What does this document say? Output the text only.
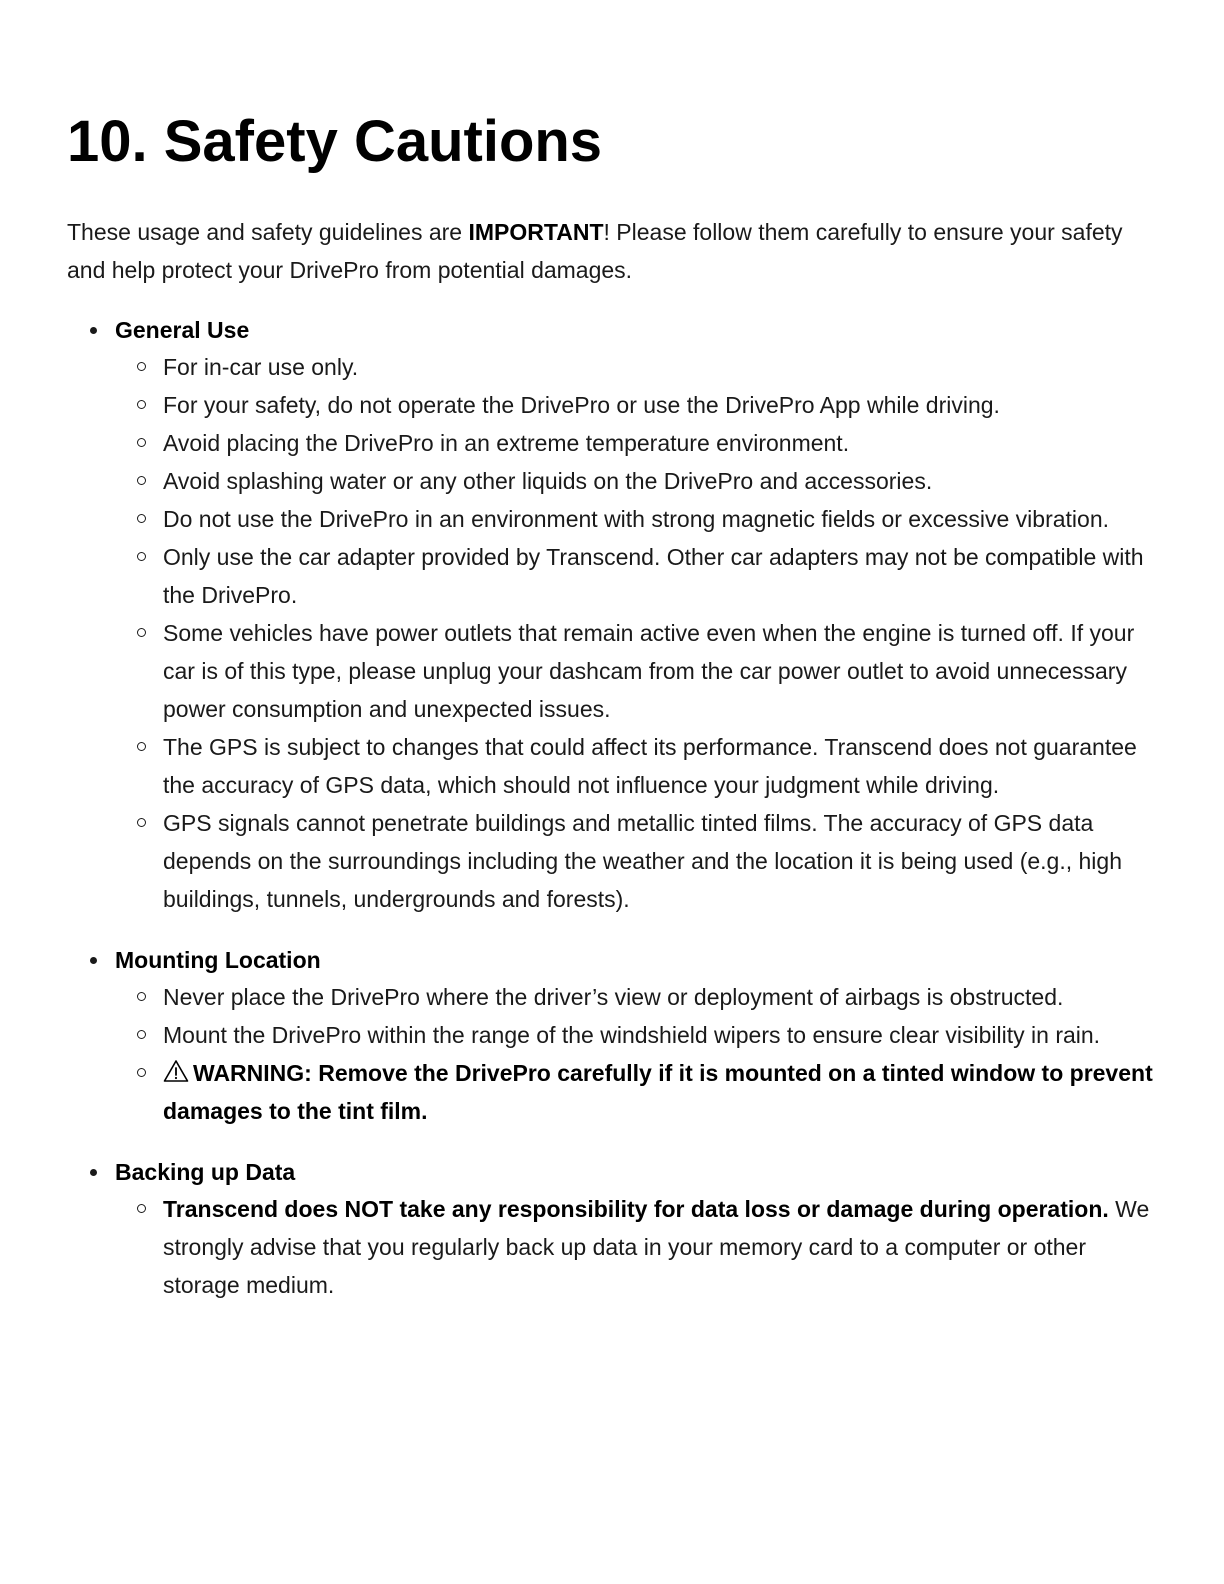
10. Safety Cautions

These usage and safety guidelines are IMPORTANT! Please follow them carefully to ensure your safety and help protect your DrivePro from potential damages.

General Use
For in-car use only.
For your safety, do not operate the DrivePro or use the DrivePro App while driving.
Avoid placing the DrivePro in an extreme temperature environment.
Avoid splashing water or any other liquids on the DrivePro and accessories.
Do not use the DrivePro in an environment with strong magnetic fields or excessive vibration.
Only use the car adapter provided by Transcend. Other car adapters may not be compatible with the DrivePro.
Some vehicles have power outlets that remain active even when the engine is turned off. If your car is of this type, please unplug your dashcam from the car power outlet to avoid unnecessary power consumption and unexpected issues.
The GPS is subject to changes that could affect its performance. Transcend does not guarantee the accuracy of GPS data, which should not influence your judgment while driving.
GPS signals cannot penetrate buildings and metallic tinted films. The accuracy of GPS data depends on the surroundings including the weather and the location it is being used (e.g., high buildings, tunnels, undergrounds and forests).
Mounting Location
Never place the DrivePro where the driver’s view or deployment of airbags is obstructed.
Mount the DrivePro within the range of the windshield wipers to ensure clear visibility in rain.
WARNING: Remove the DrivePro carefully if it is mounted on a tinted window to prevent damages to the tint film.
Backing up Data
Transcend does NOT take any responsibility for data loss or damage during operation. We strongly advise that you regularly back up data in your memory card to a computer or other storage medium.
